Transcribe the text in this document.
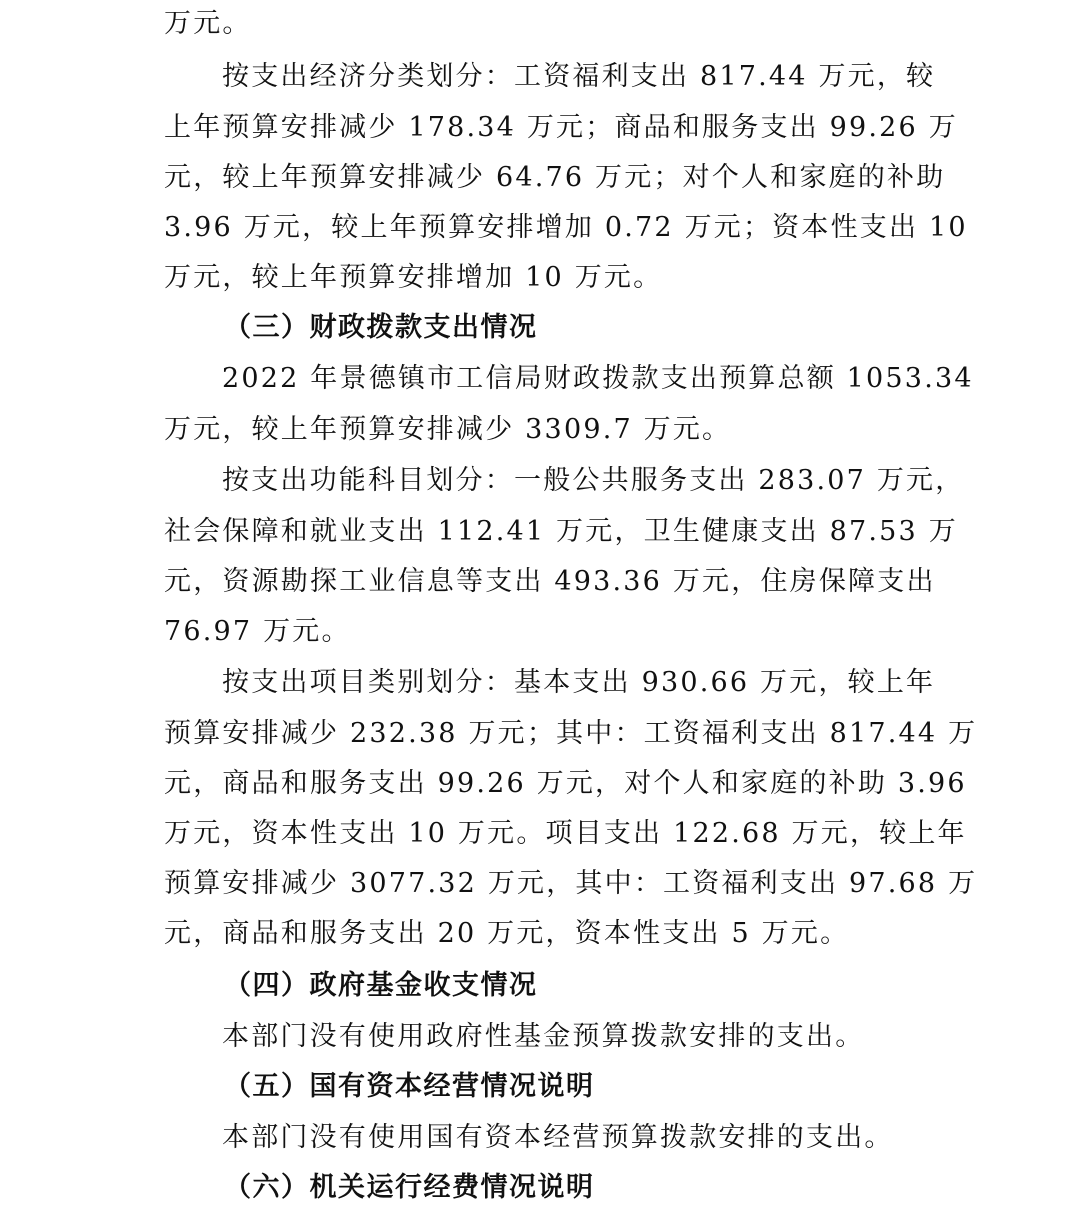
万元。
按支出经济分类划分：工资福利支出 817.44 万元，较
上年预算安排减少 178.34 万元；商品和服务支出 99.26 万
元，较上年预算安排减少 64.76 万元；对个人和家庭的补助
3.96 万元，较上年预算安排增加 0.72 万元；资本性支出 10
万元，较上年预算安排增加 10 万元。
（三）财政拨款支出情况
2022 年景德镇市工信局财政拨款支出预算总额 1053.34
万元，较上年预算安排减少 3309.7 万元。
按支出功能科目划分：一般公共服务支出 283.07 万元，
社会保障和就业支出 112.41 万元，卫生健康支出 87.53 万
元，资源勘探工业信息等支出 493.36 万元，住房保障支出
76.97 万元。
按支出项目类别划分：基本支出 930.66 万元，较上年
预算安排减少 232.38 万元；其中：工资福利支出 817.44 万
元，商品和服务支出 99.26 万元，对个人和家庭的补助 3.96
万元，资本性支出 10 万元。项目支出 122.68 万元，较上年
预算安排减少 3077.32 万元，其中：工资福利支出 97.68 万
元，商品和服务支出 20 万元，资本性支出 5 万元。
（四）政府基金收支情况
本部门没有使用政府性基金预算拨款安排的支出。
（五）国有资本经营情况说明
本部门没有使用国有资本经营预算拨款安排的支出。
（六）机关运行经费情况说明
